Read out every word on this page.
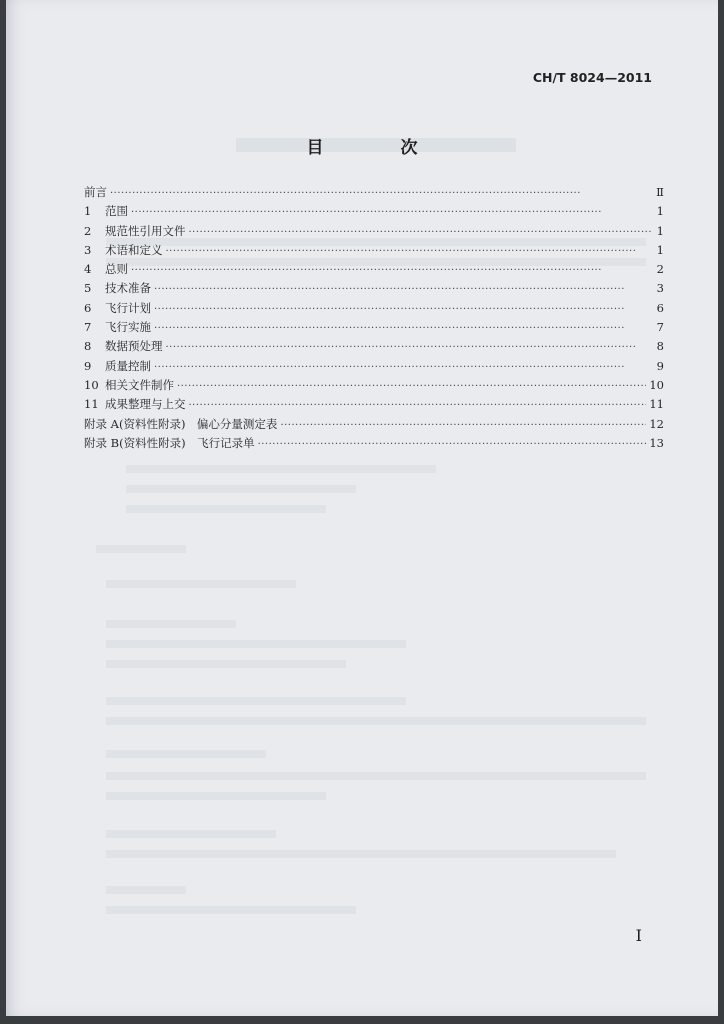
CH/T 8024—2011
目　次
前言 ·····	Ⅱ
1	范围 ·····	1
2	规范性引用文件 ·····	1
3	术语和定义 ·····	1
4	总则 ·····	2
5	技术准备 ·····	3
6	飞行计划 ·····	6
7	飞行实施 ·····	7
8	数据预处理 ·····	8
9	质量控制 ·····	9
10 相关文件制作 ·····	10
11 成果整理与上交 ·····	11
附录 A(资料性附录)　偏心分量测定表 ·····	12
附录 B(资料性附录)　飞行记录单 ·····	13
I
